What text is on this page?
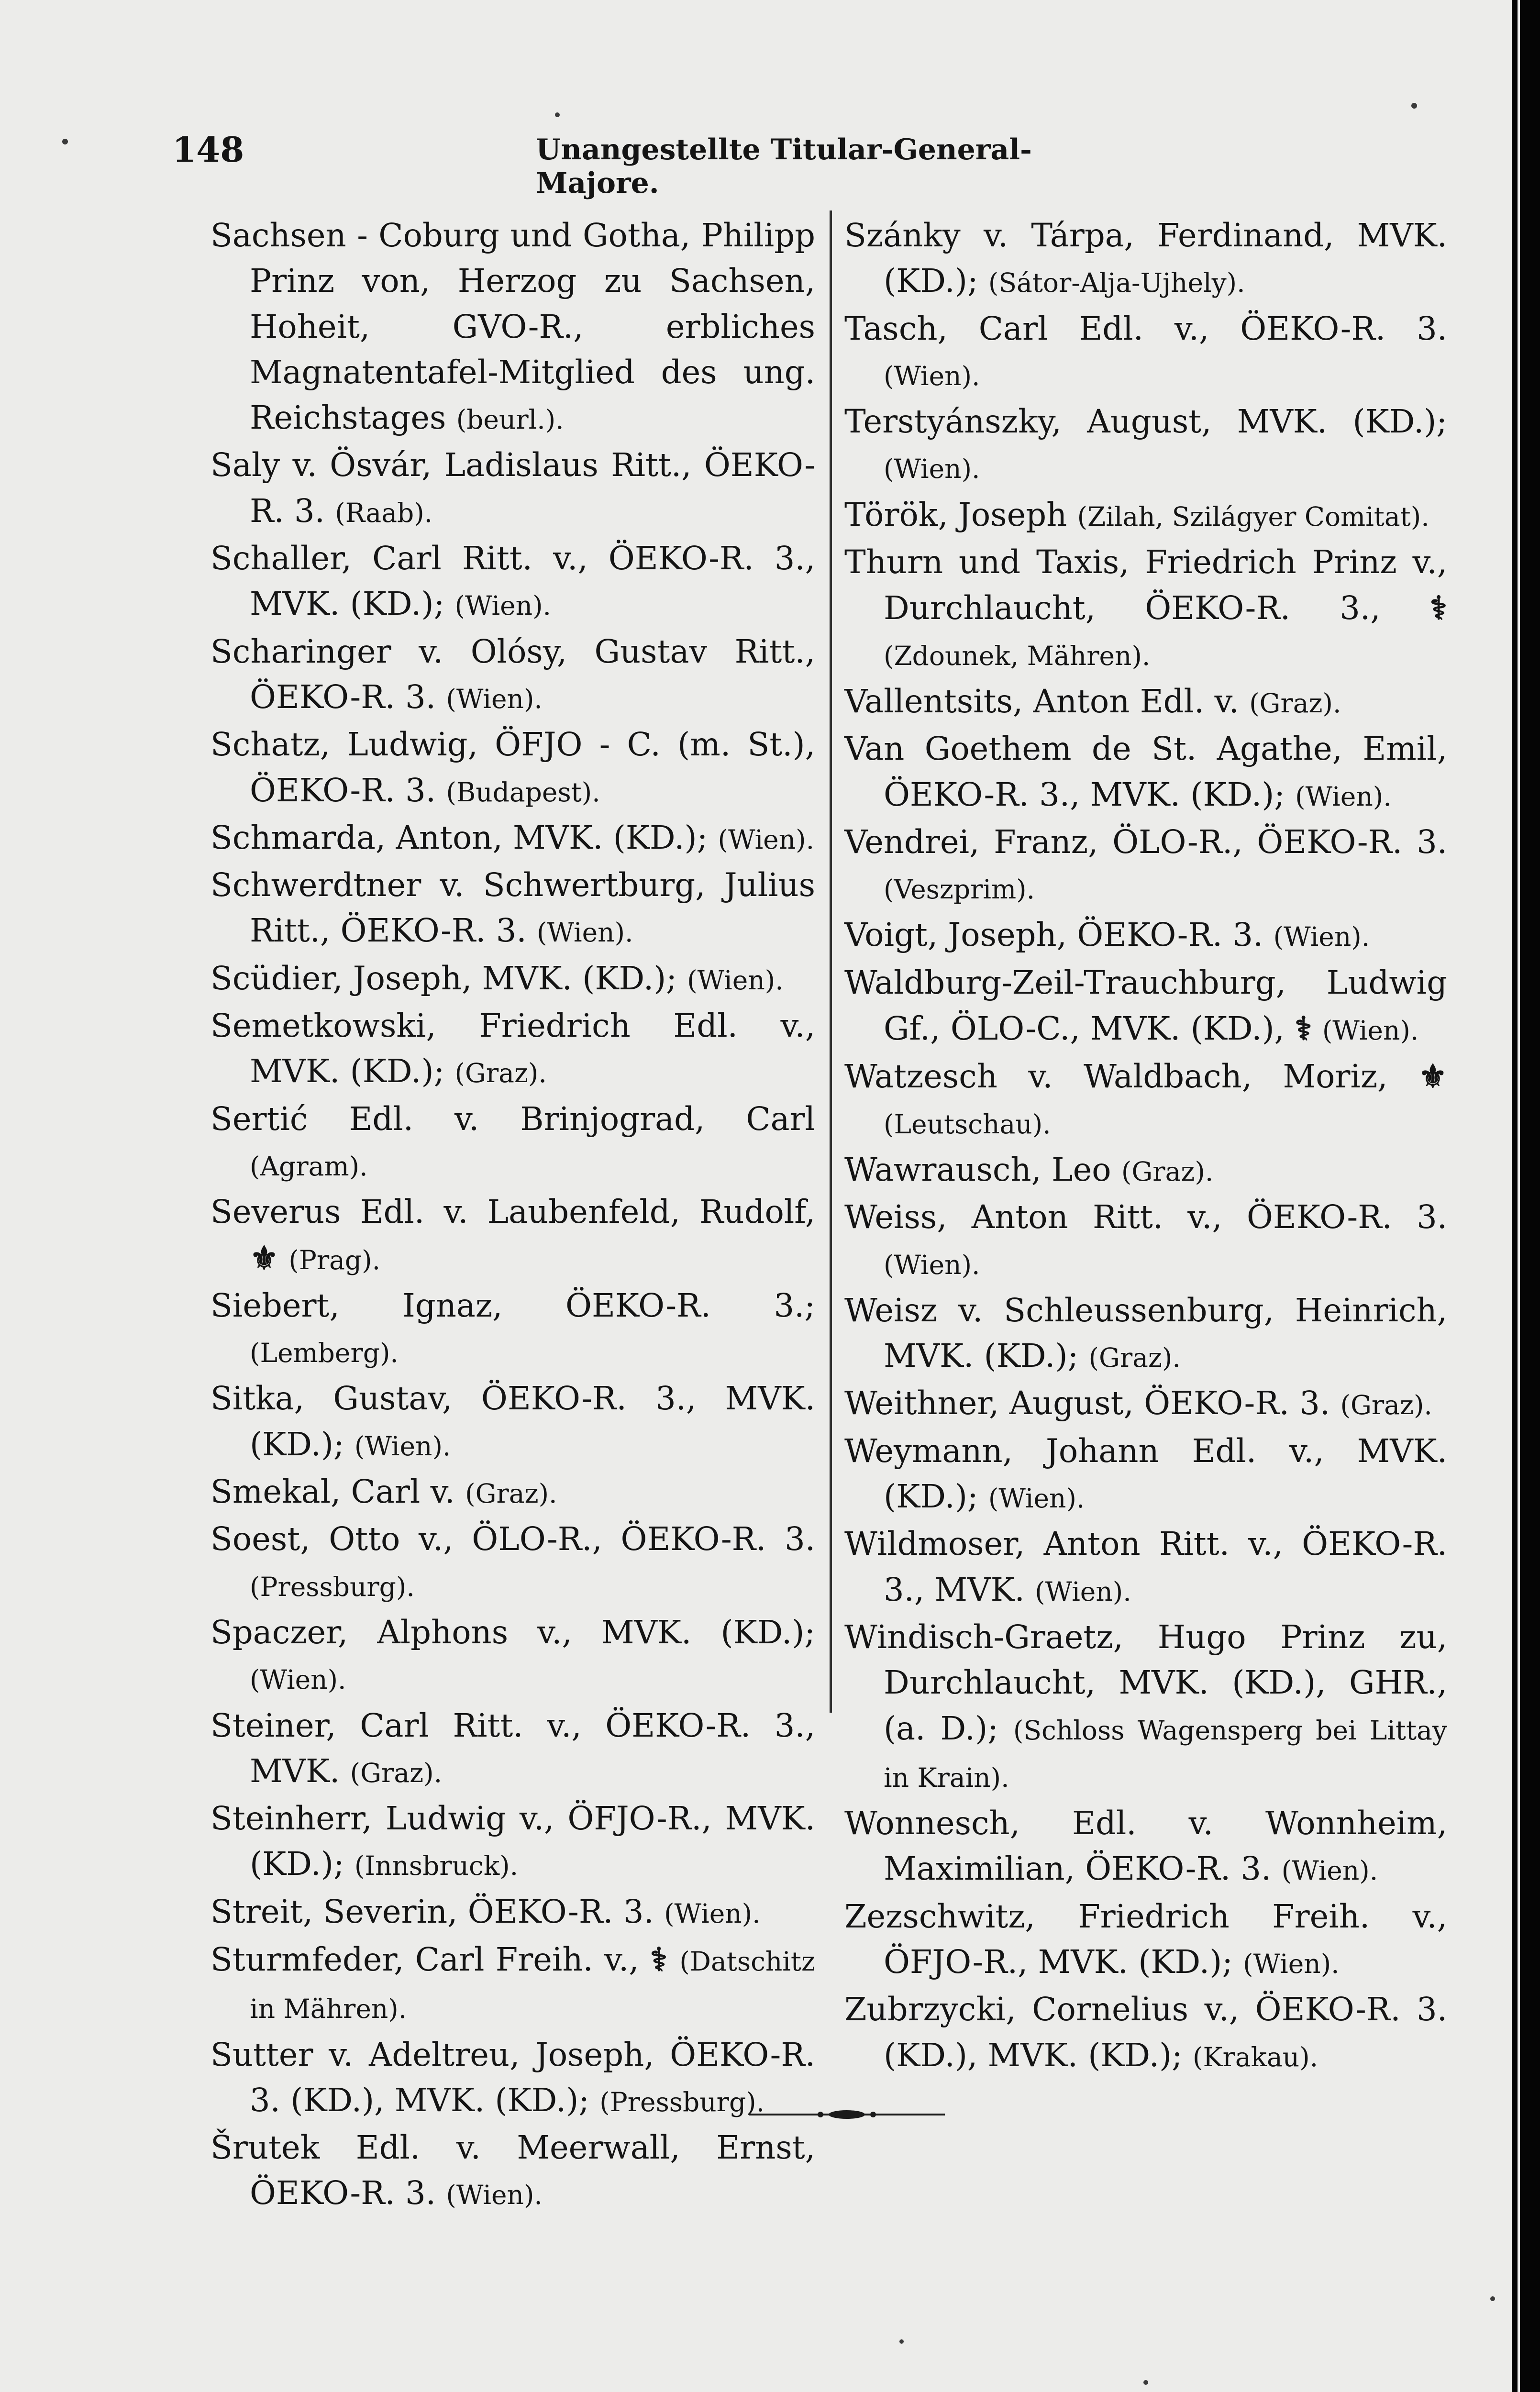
148	Unangestellte Titular-General-Majore.

Sachsen - Coburg und Gotha, Philipp Prinz von, Herzog zu Sachsen, Hoheit, GVO-R., erbliches Magnatentafel-Mitglied des ung. Reichstages (beurl.).

Saly v. Ösvár, Ladislaus Ritt., ÖEKO-R. 3. (Raab).

Schaller, Carl Ritt. v., ÖEKO-R. 3., MVK. (KD.); (Wien).

Scharinger v. Olósy, Gustav Ritt., ÖEKO-R. 3. (Wien).

Schatz, Ludwig, ÖFJO - C. (m. St.), ÖEKO-R. 3. (Budapest).

Schmarda, Anton, MVK. (KD.); (Wien).

Schwerdtner v. Schwertburg, Julius Ritt., ÖEKO-R. 3. (Wien).

Scüdier, Joseph, MVK. (KD.); (Wien).

Semetkowski, Friedrich Edl. v., MVK. (KD.); (Graz).

Sertić Edl. v. Brinjograd, Carl (Agram).

Severus Edl. v. Laubenfeld, Rudolf, ⚜ (Prag).

Siebert, Ignaz, ÖEKO-R. 3.; (Lemberg).

Sitka, Gustav, ÖEKO-R. 3., MVK. (KD.); (Wien).

Smekal, Carl v. (Graz).

Soest, Otto v., ÖLO-R., ÖEKO-R. 3. (Pressburg).

Spaczer, Alphons v., MVK. (KD.); (Wien).

Steiner, Carl Ritt. v., ÖEKO-R. 3., MVK. (Graz).

Steinherr, Ludwig v., ÖFJO-R., MVK. (KD.); (Innsbruck).

Streit, Severin, ÖEKO-R. 3. (Wien).

Sturmfeder, Carl Freih. v., ⚕ (Datschitz in Mähren).

Sutter v. Adeltreu, Joseph, ÖEKO-R. 3. (KD.), MVK. (KD.); (Pressburg).

Šrutek Edl. v. Meerwall, Ernst, ÖEKO-R. 3. (Wien).

Szánky v. Tárpa, Ferdinand, MVK. (KD.); (Sátor-Alja-Ujhely).

Tasch, Carl Edl. v., ÖEKO-R. 3. (Wien).

Terstyánszky, August, MVK. (KD.); (Wien).

Török, Joseph (Zilah, Szilágyer Comitat).

Thurn und Taxis, Friedrich Prinz v., Durchlaucht, ÖEKO-R. 3., ⚕ (Zdounek, Mähren).

Vallentsits, Anton Edl. v. (Graz).

Van Goethem de St. Agathe, Emil, ÖEKO-R. 3., MVK. (KD.); (Wien).

Vendrei, Franz, ÖLO-R., ÖEKO-R. 3. (Veszprim).

Voigt, Joseph, ÖEKO-R. 3. (Wien).

Waldburg-Zeil-Trauchburg, Ludwig Gf., ÖLO-C., MVK. (KD.), ⚕ (Wien).

Watzesch v. Waldbach, Moriz, ⚜ (Leutschau).

Wawrausch, Leo (Graz).

Weiss, Anton Ritt. v., ÖEKO-R. 3. (Wien).

Weisz v. Schleussenburg, Heinrich, MVK. (KD.); (Graz).

Weithner, August, ÖEKO-R. 3. (Graz).

Weymann, Johann Edl. v., MVK. (KD.); (Wien).

Wildmoser, Anton Ritt. v., ÖEKO-R. 3., MVK. (Wien).

Windisch-Graetz, Hugo Prinz zu, Durchlaucht, MVK. (KD.), GHR., (a. D.); (Schloss Wagensperg bei Littay in Krain).

Wonnesch, Edl. v. Wonnheim, Maximilian, ÖEKO-R. 3. (Wien).

Zezschwitz, Friedrich Freih. v., ÖFJO-R., MVK. (KD.); (Wien).

Zubrzycki, Cornelius v., ÖEKO-R. 3. (KD.), MVK. (KD.); (Krakau).
